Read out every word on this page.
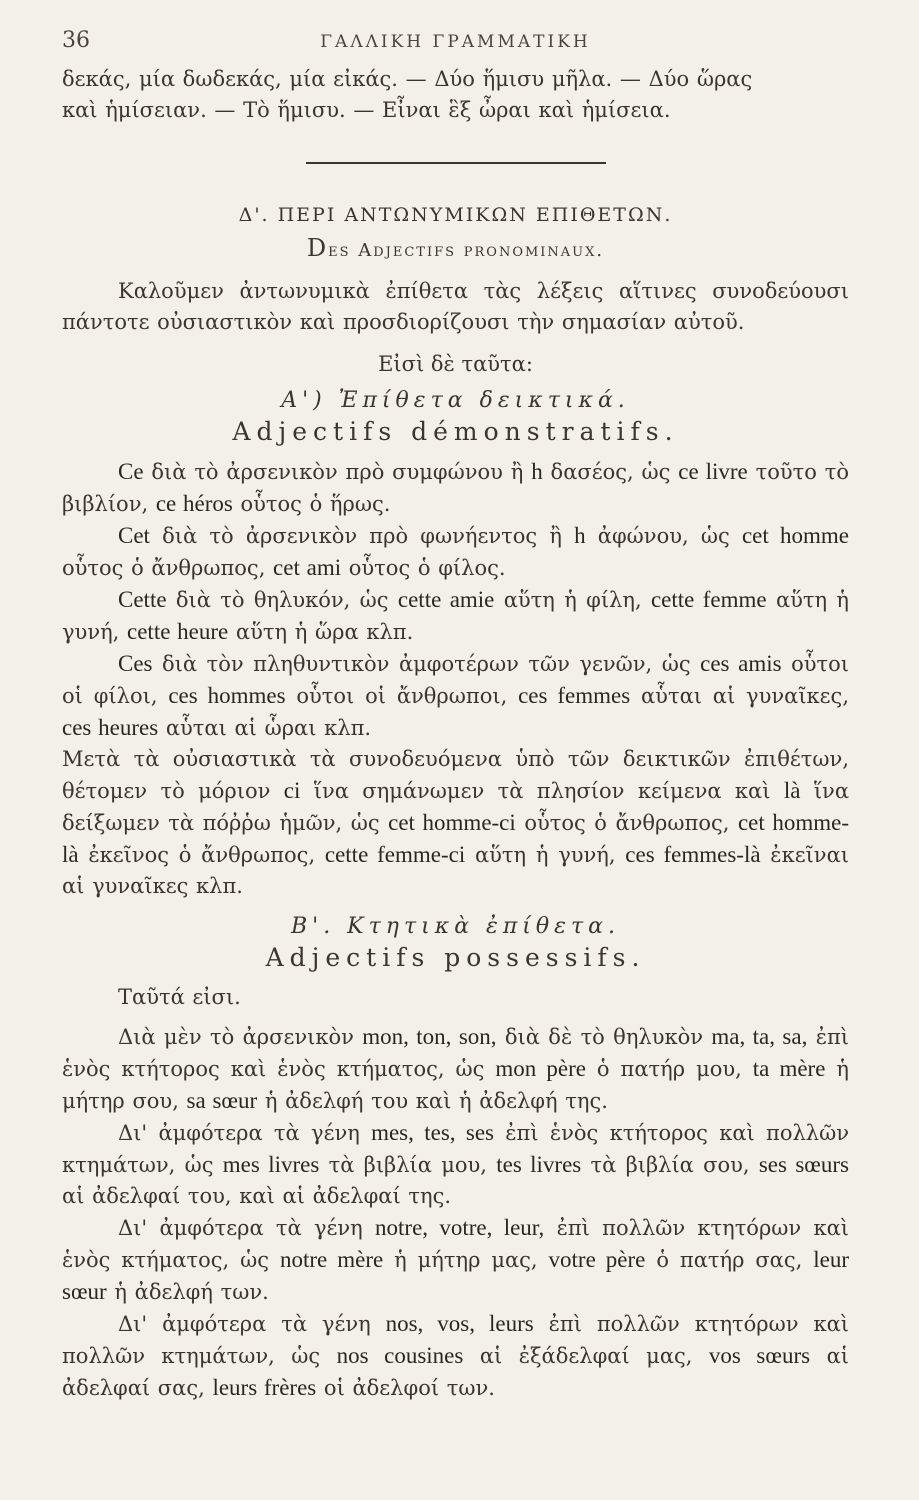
36	ΓΑΛΛΙΚΗ ΓΡΑΜΜΑΤΙΚΗ

δεκάς, μία δωδεκάς, μία εἰκάς. — Δύο ἥμισυ μῆλα. — Δύο ὥρας

καὶ ἡμίσειαν. — Τὸ ἥμισυ. — Εἶναι ἓξ ὦραι καὶ ἡμίσεια.

Δ'. ΠΕΡΙ ΑΝΤΩΝΥΜΙΚΩΝ ΕΠΙΘΕΤΩΝ.
Des Adjectifs pronominaux.

Καλοῦμεν ἀντωνυμικὰ ἐπίθετα τὰς λέξεις αἵτινες συνοδεύουσι πάντοτε οὐσιαστικὸν καὶ προσδιορίζουσι τὴν σημασίαν αὐτοῦ.

Εἰσὶ δὲ ταῦτα:

Α') Ἐπίθετα δεικτικά.
Adjectifs démonstratifs.

Ce διὰ τὸ ἀρσενικὸν πρὸ συμφώνου ἢ h δασέος, ὡς ce livre τοῦτο τὸ βιβλίον, ce héros οὗτος ὁ ἥρως.

Cet διὰ τὸ ἀρσενικὸν πρὸ φωνήεντος ἢ h ἀφώνου, ὡς cet homme οὗτος ὁ ἄνθρωπος, cet ami οὗτος ὁ φίλος.

Cette διὰ τὸ θηλυκόν, ὡς cette amie αὕτη ἡ φίλη, cette femme αὕτη ἡ γυνή, cette heure αὕτη ἡ ὥρα κλπ.

Ces διὰ τὸν πληθυντικὸν ἀμφοτέρων τῶν γενῶν, ὡς ces amis οὗτοι οἱ φίλοι, ces hommes οὗτοι οἱ ἄνθρωποι, ces femmes αὗται αἱ γυναῖκες, ces heures αὗται αἱ ὧραι κλπ.

Μετὰ τὰ οὐσιαστικὰ τὰ συνοδευόμενα ὑπὸ τῶν δεικτικῶν ἐπιθέτων, θέτομεν τὸ μόριον ci ἵνα σημάνωμεν τὰ πλησίον κείμενα καὶ là ἵνα δείξωμεν τὰ πόῤῥω ἡμῶν, ὡς cet homme-ci οὗτος ὁ ἄνθρωπος, cet homme-là ἐκεῖνος ὁ ἄνθρωπος, cette femme-ci αὕτη ἡ γυνή, ces femmes-là ἐκεῖναι αἱ γυναῖκες κλπ.

Β'. Κτητικὰ ἐπίθετα.
Adjectifs possessifs.

Ταῦτά εἰσι.

Διὰ μὲν τὸ ἀρσενικὸν mon, ton, son, διὰ δὲ τὸ θηλυκὸν ma, ta, sa, ἐπὶ ἑνὸς κτήτορος καὶ ἑνὸς κτήματος, ὡς mon père ὁ πατήρ μου, ta mère ἡ μήτηρ σου, sa sœur ἡ ἀδελφή του καὶ ἡ ἀδελφή της.

Δι' ἀμφότερα τὰ γένη mes, tes, ses ἐπὶ ἑνὸς κτήτορος καὶ πολλῶν κτημάτων, ὡς mes livres τὰ βιβλία μου, tes livres τὰ βιβλία σου, ses sœurs αἱ ἀδελφαί του, καὶ αἱ ἀδελφαί της.

Δι' ἀμφότερα τὰ γένη notre, votre, leur, ἐπὶ πολλῶν κτητόρων καὶ ἑνὸς κτήματος, ὡς notre mère ἡ μήτηρ μας, votre père ὁ πατήρ σας, leur sœur ἡ ἀδελφή των.

Δι' ἀμφότερα τὰ γένη nos, vos, leurs ἐπὶ πολλῶν κτητόρων καὶ πολλῶν κτημάτων, ὡς nos cousines αἱ ἐξάδελφαί μας, vos sœurs αἱ ἀδελφαί σας, leurs frères οἱ ἀδελφοί των.
